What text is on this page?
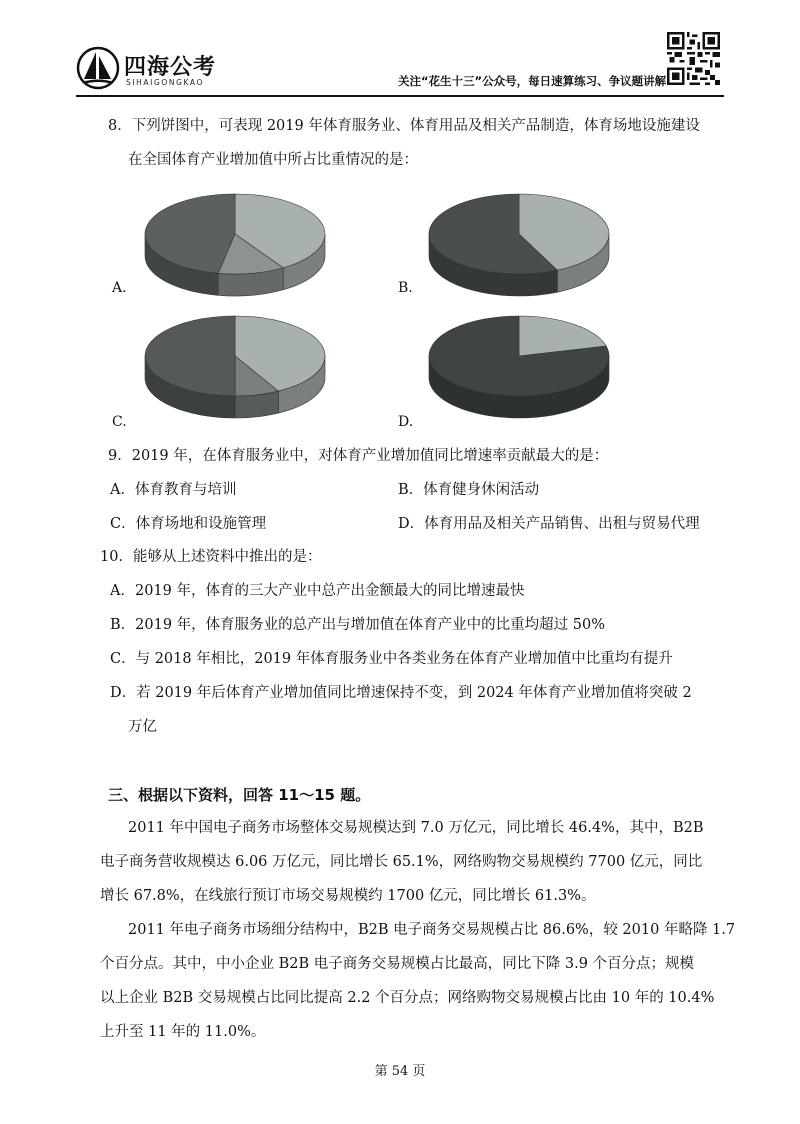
四海公考
SIHAIGONGKAO	关注“花生十三”公众号，每日速算练习、争议题讲解
8．下列饼图中，可表现 2019 年体育服务业、体育用品及相关产品制造，体育场地设施建设
在全国体育产业增加值中所占比重情况的是：
A.	B.
C.	D.
9．2019 年，在体育服务业中，对体育产业增加值同比增速率贡献最大的是：
A．体育教育与培训	B．体育健身休闲活动
C．体育场地和设施管理	D．体育用品及相关产品销售、出租与贸易代理
10．能够从上述资料中推出的是：
A．2019 年，体育的三大产业中总产出金额最大的同比增速最快
B．2019 年，体育服务业的总产出与增加值在体育产业中的比重均超过 50%
C．与 2018 年相比，2019 年体育服务业中各类业务在体育产业增加值中比重均有提升
D．若 2019 年后体育产业增加值同比增速保持不变，到 2024 年体育产业增加值将突破 2
万亿
三、根据以下资料，回答 11～15 题。
2011 年中国电子商务市场整体交易规模达到 7.0 万亿元，同比增长 46.4%，其中，B2B
电子商务营收规模达 6.06 万亿元，同比增长 65.1%，网络购物交易规模约 7700 亿元，同比
增长 67.8%，在线旅行预订市场交易规模约 1700 亿元，同比增长 61.3%。
2011 年电子商务市场细分结构中，B2B 电子商务交易规模占比 86.6%，较 2010 年略降 1.7
个百分点。其中，中小企业 B2B 电子商务交易规模占比最高，同比下降 3.9 个百分点；规模
以上企业 B2B 交易规模占比同比提高 2.2 个百分点；网络购物交易规模占比由 10 年的 10.4%
上升至 11 年的 11.0%。
第 54 页
